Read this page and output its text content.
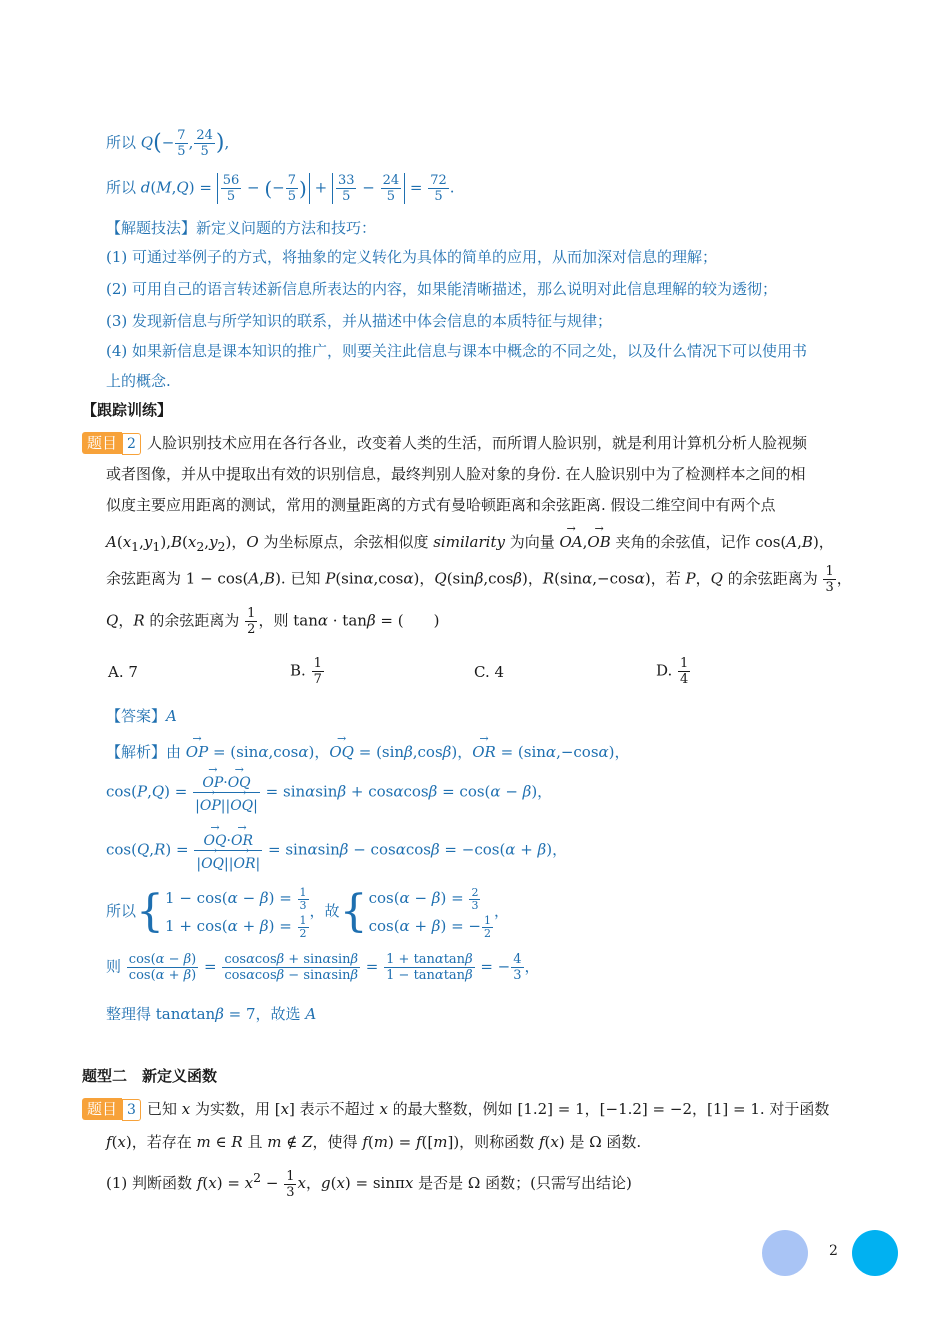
所以 $Q(- \frac{7}{5}$ , $\frac{24}{5}$ ),
所以 $d(M,Q) = \frac{56}{5}$ − (− $\frac{7}{5}$ ) + $\frac{33}{5} - \frac{24}{5} = \frac{72}{5}$ .
【解题技法】新定义问题的方法和技巧：
(1) 可通过举例子的方式，将抽象的定义转化为具体的简单的应用，从而加深对信息的理解；
(2) 可用自己的语言转述新信息所表达的内容，如果能清晰描述，那么说明对此信息理解的较为透彻；
(3) 发现新信息与所学知识的联系，并从描述中体会信息的本质特征与规律；
(4) 如果新信息是课本知识的推广，则要关注此信息与课本中概念的不同之处，以及什么情况下可以使用书
上的概念.
【跟踪训练】
题目 2 人脸识别技术应用在各行各业，改变着人类的生活，而所谓人脸识别，就是利用计算机分析人脸视频
或者图像，并从中提取出有效的识别信息，最终判别人脸对象的身份. 在人脸识别中为了检测样本之间的相
似度主要应用距离的测试，常用的测量距离的方式有曼哈顿距离和余弦距离. 假设二维空间中有两个点
$A(x_1,y_1),B(x_2,y_2)$，O 为坐标原点，余弦相似度 similarity 为向量 → OA,→ OB 夹角的余弦值，记作 cos(A,B)，
余弦距离为 1 − cos(A,B). 已知 P(sinα,cosα)，Q(sinβ,cosβ)，R(sinα,−cosα)，若 P，Q 的余弦距离为 $\frac{1}{3}$ ，
Q，R 的余弦距离为 $\frac{1}{2}$ ，则 tanα · tanβ = (　　)
A. 7	B. $\frac{1}{7}$	C. 4	D. $\frac{1}{4}$
【答案】A
【解析】由 → OP = (sinα,cosα)，→ OQ = (sinβ,cosβ)，→ OR = (sinα,−cosα)，
cos(P,Q) = → $\frac{OP\cdot\to OQ}{|\to OP||\to OQ|} = \sin\alpha\sin\beta + \cos\alpha\cos\beta = \cos(\alpha - \beta)$，
cos(Q,R) = → $\frac{OQ\cdot\to OR}{|\to OQ||\to OR|} = \sin\alpha\sin\beta - \cos\alpha\cos\beta = -\cos(\alpha + \beta)$，
所以{$1 - \cos(\alpha - \beta) = \frac{1}{3}$

$1 + \cos(\alpha + \beta) = \frac{1}{2}$
，故{$\cos(\alpha - \beta) = \frac{2}{3}$

cos(α + β) = − $\frac{1}{2}$
，
则 $\frac{\cos(\alpha - \beta)}{\cos(\alpha + \beta)} = \frac{\cos\alpha\cos\beta + \sin\alpha\sin\beta}{\cos\alpha\cos\beta - \sin\alpha\sin\beta} = \frac{1 + \tan\alpha\tan\beta}{1 - \tan\alpha\tan\beta}$ = − $\frac{4}{3}$ ，
整理得 tanαtanβ = 7，故选 A
题型二　新定义函数
题目 3 已知 x 为实数，用 [x] 表示不超过 x 的最大整数，例如 [1.2] = 1，[−1.2] = −2，[1] = 1. 对于函数
f(x)，若存在 m ∈ R 且 m ∉ Z，使得 f(m) = f([m])，则称函数 f(x) 是 Ω 函数.
(1) 判断函数 $f(x) = x^2 - \frac{1}{3}$ x，g(x) = sinπx 是否是 Ω 函数；(只需写出结论)
2
